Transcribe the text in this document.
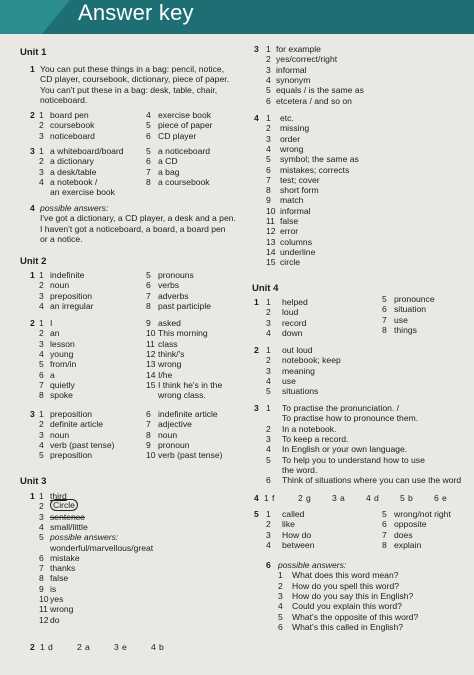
Answer key
Unit 1
1 You can put these things in a bag: pencil, notice,
CD player, coursebook, dictionary, piece of paper.
You can't put these in a bag: desk, table, chair,
noticeboard.
2 1 board pen
2 coursebook
3 noticeboard
4 exercise book
5 piece of paper
6 CD player
3 1 a whiteboard/board
2 a dictionary
3 a desk/table
4 a notebook /
an exercise book
5 a noticeboard
6 a CD
7 a bag
8 a coursebook
4 possible answers:
I've got a dictionary, a CD player, a desk and a pen.
I haven't got a noticeboard, a board, a board pen
or a notice.
Unit 2
1 1 indefinite
2 noun
3 preposition
4 an irregular
5 pronouns
6 verbs
7 adverbs
8 past participle
2 1 I
2 an
3 lesson
4 young
5 from/in
6 a
7 quietly
8 spoke
9 asked
10 This morning
11 class
12 think/'s
13 wrong
14 I/he
15 I think he's in the
wrong class.
3 1 preposition
2 definite article
3 noun
4 verb (past tense)
5 preposition
6 indefinite article
7 adjective
8 noun
9 pronoun
10 verb (past tense)
Unit 3
1 1 third
2	Circle
3 sentence
4 small/little
5 possible answers:
wonderful/marvellous/great
6 mistake
7 thanks
8 false
9 is
10 yes
11 wrong
12 do
2 1 d	2 a	3 e	4 b
3 1 for example
2 yes/correct/right
3 informal
4 synonym
5 equals / is the same as
6 etcetera / and so on
4 1 etc.
2 missing
3 order
4 wrong
5 symbol; the same as
6 mistakes; corrects
7 test; cover
8 short form
9 match
10 informal
11 false
12 error
13 columns
14 underline
15 circle
Unit 4
1 1 helped
2 loud
3 record
4 down
5 pronounce
6 situation
7 use
8 things
2 1 out loud
2 notebook; keep
3 meaning
4 use
5 situations
3 1 To practise the pronunciation. /
To practise how to pronounce them.
2 In a notebook.
3 To keep a record.
4 In English or your own language.
5 To help you to understand how to use
the word.
6 Think of situations where you can use the word
4 1 f	2 g 3 a 4 d 5 b 6 e
5 1 called
2 like
3 How do
4 between
5 wrong/not right
6 opposite
7 does
8 explain
6 possible answers:
1 What does this word mean?
2 How do you spell this word?
3 How do you say this in English?
4 Could you explain this word?
5 What's the opposite of this word?
6 What's this called in English?
